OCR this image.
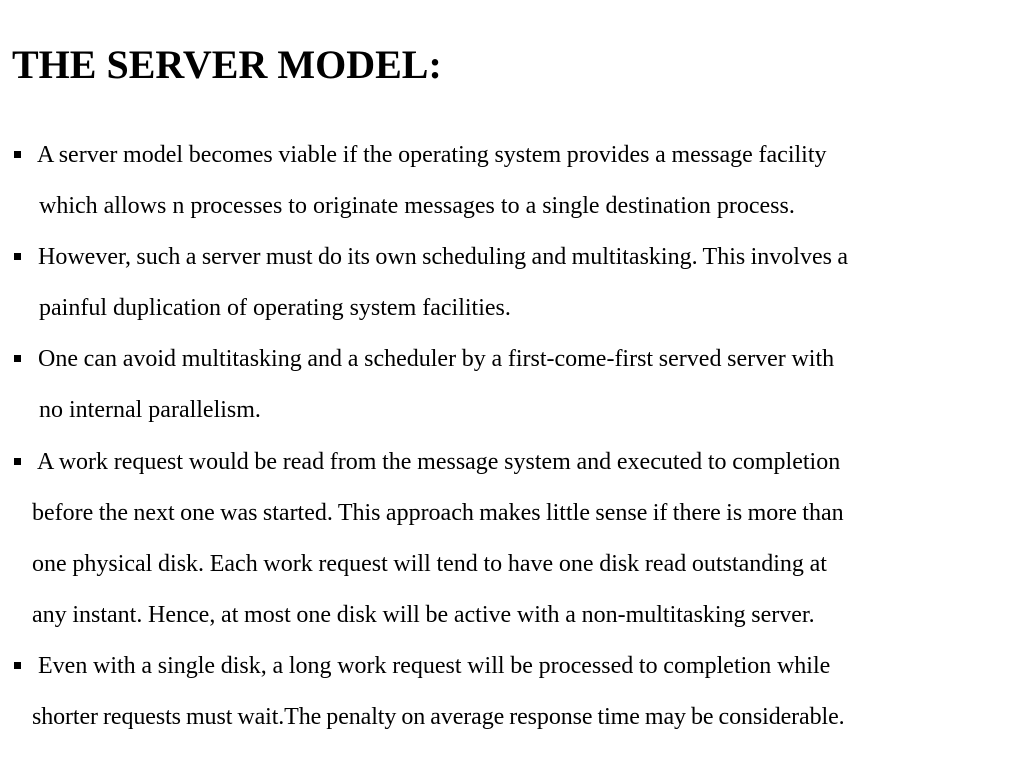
THE SERVER MODEL:
A server model becomes viable if the operating system provides a message facility
which allows n processes to originate messages to a single destination process.
However, such a server must do its own scheduling and multitasking. This involves a
painful duplication of operating system facilities.
One can avoid multitasking and a scheduler by a first-come-first served server with
no internal parallelism.
A work request would be read from the message system and executed to completion
before the next one was started. This approach makes little sense if there is more than
one physical disk. Each work request will tend to have one disk read outstanding at
any instant. Hence, at most one disk will be active with a non-multitasking server.
Even with a single disk, a long work request will be processed to completion while
shorter requests must wait.The penalty on average response time may be considerable.
